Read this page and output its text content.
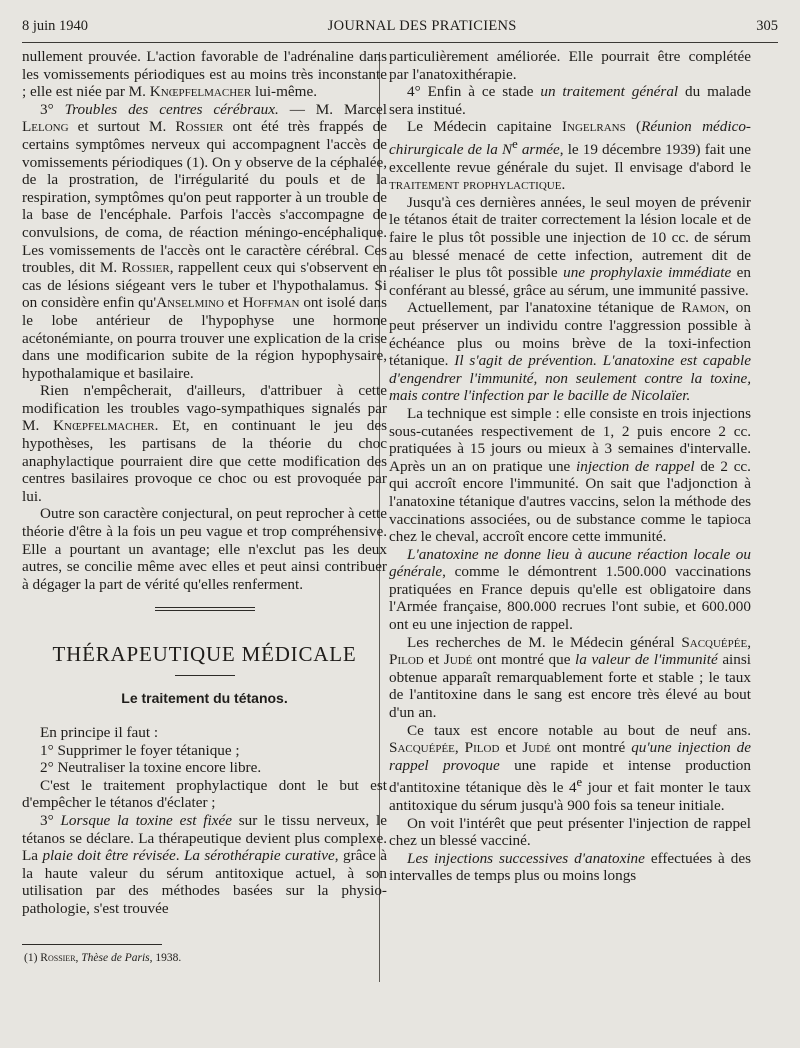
8 juin 1940	JOURNAL DES PRATICIENS	305

nullement prouvée. L'action favorable de l'adrénaline dans les vomissements périodiques est au moins très inconstante ; elle est niée par M. Knœpfelmacher lui-même.

3° Troubles des centres cérébraux. — M. Marcel Lelong et surtout M. Rossier ont été très frappés de certains symptômes nerveux qui accompagnent l'accès de vomissements périodiques (1). On y observe de la céphalée, de la prostration, de l'irrégularité du pouls et de la respiration, symptômes qu'on peut rapporter à un trouble de la base de l'encéphale. Parfois l'accès s'accompagne de convulsions, de coma, de réaction méningo-encéphalique. Les vomissements de l'accès ont le caractère cérébral. Ces troubles, dit M. Rossier, rappellent ceux qui s'observent en cas de lésions siégeant vers le tuber et l'hypothalamus. Si on considère enfin qu'Anselmino et Hoffman ont isolé dans le lobe antérieur de l'hypophyse une hormone acétonémiante, on pourra trouver une explication de la crise dans une modificarion subite de la région hypophysaire, hypothalamique et basilaire.

Rien n'empêcherait, d'ailleurs, d'attribuer à cette modification les troubles vago-sympathiques signalés par M. Knœpfelmacher. Et, en continuant le jeu des hypothèses, les partisans de la théorie du choc anaphylactique pourraient dire que cette modification des centres basilaires provoque ce choc ou est provoquée par lui.

Outre son caractère conjectural, on peut reprocher à cette théorie d'être à la fois un peu vague et trop compréhensive. Elle a pourtant un avantage; elle n'exclut pas les deux autres, se concilie même avec elles et peut ainsi contribuer à dégager la part de vérité qu'elles renferment.

THÉRAPEUTIQUE MÉDICALE
Le traitement du tétanos.

En principe il faut :

1° Supprimer le foyer tétanique ;

2° Neutraliser la toxine encore libre.

C'est le traitement prophylactique dont le but est d'empêcher le tétanos d'éclater ;

3° Lorsque la toxine est fixée sur le tissu nerveux, le tétanos se déclare. La thérapeutique devient plus complexe. La plaie doit être révisée. La sérothérapie curative, grâce à la haute valeur du sérum antitoxique actuel, à son utilisation par des méthodes basées sur la physio-pathologie, s'est trouvée

(1) Rossier, Thèse de Paris, 1938.

particulièrement améliorée. Elle pourrait être complétée par l'anatoxithérapie.

4° Enfin à ce stade un traitement général du malade sera institué.

Le Médecin capitaine Ingelrans (Réunion médico-chirurgicale de la $N^e$ armée, le 19 décembre 1939) fait une excellente revue générale du sujet. Il envisage d'abord le traitement prophylactique.

Jusqu'à ces dernières années, le seul moyen de prévenir le tétanos était de traiter correctement la lésion locale et de faire le plus tôt possible une injection de 10 cc. de sérum au blessé menacé de cette infection, autrement dit de réaliser le plus tôt possible une prophylaxie immédiate en conférant au blessé, grâce au sérum, une immunité passive.

Actuellement, par l'anatoxine tétanique de Ramon, on peut préserver un individu contre l'aggression possible à échéance plus ou moins brève de la toxi-infection tétanique. Il s'agit de prévention. L'anatoxine est capable d'engendrer l'immunité, non seulement contre la toxine, mais contre l'infection par le bacille de Nicolaïer.

La technique est simple : elle consiste en trois injections sous-cutanées respectivement de 1, 2 puis encore 2 cc. pratiquées à 15 jours ou mieux à 3 semaines d'intervalle. Après un an on pratique une injection de rappel de 2 cc. qui accroît encore l'immunité. On sait que l'adjonction à l'anatoxine tétanique d'autres vaccins, selon la méthode des vaccinations associées, ou de substance comme le tapioca chez le cheval, accroît encore cette immunité.

L'anatoxine ne donne lieu à aucune réaction locale ou générale, comme le démontrent 1.500.000 vaccinations pratiquées en France depuis qu'elle est obligatoire dans l'Armée française, 800.000 recrues l'ont subie, et 600.000 ont eu une injection de rappel.

Les recherches de M. le Médecin général Sacquépée, Pilod et Judé ont montré que la valeur de l'immunité ainsi obtenue apparaît remarquablement forte et stable ; le taux de l'antitoxine dans le sang est encore très élevé au bout d'un an.

Ce taux est encore notable au bout de neuf ans. Sacquépée, Pilod et Judé ont montré qu'une injection de rappel provoque une rapide et intense production d'antitoxine tétanique dès le 4e jour et fait monter le taux antitoxique du sérum jusqu'à 900 fois sa teneur initiale.

On voit l'intérêt que peut présenter l'injection de rappel chez un blessé vacciné.

Les injections successives d'anatoxine effectuées à des intervalles de temps plus ou moins longs
